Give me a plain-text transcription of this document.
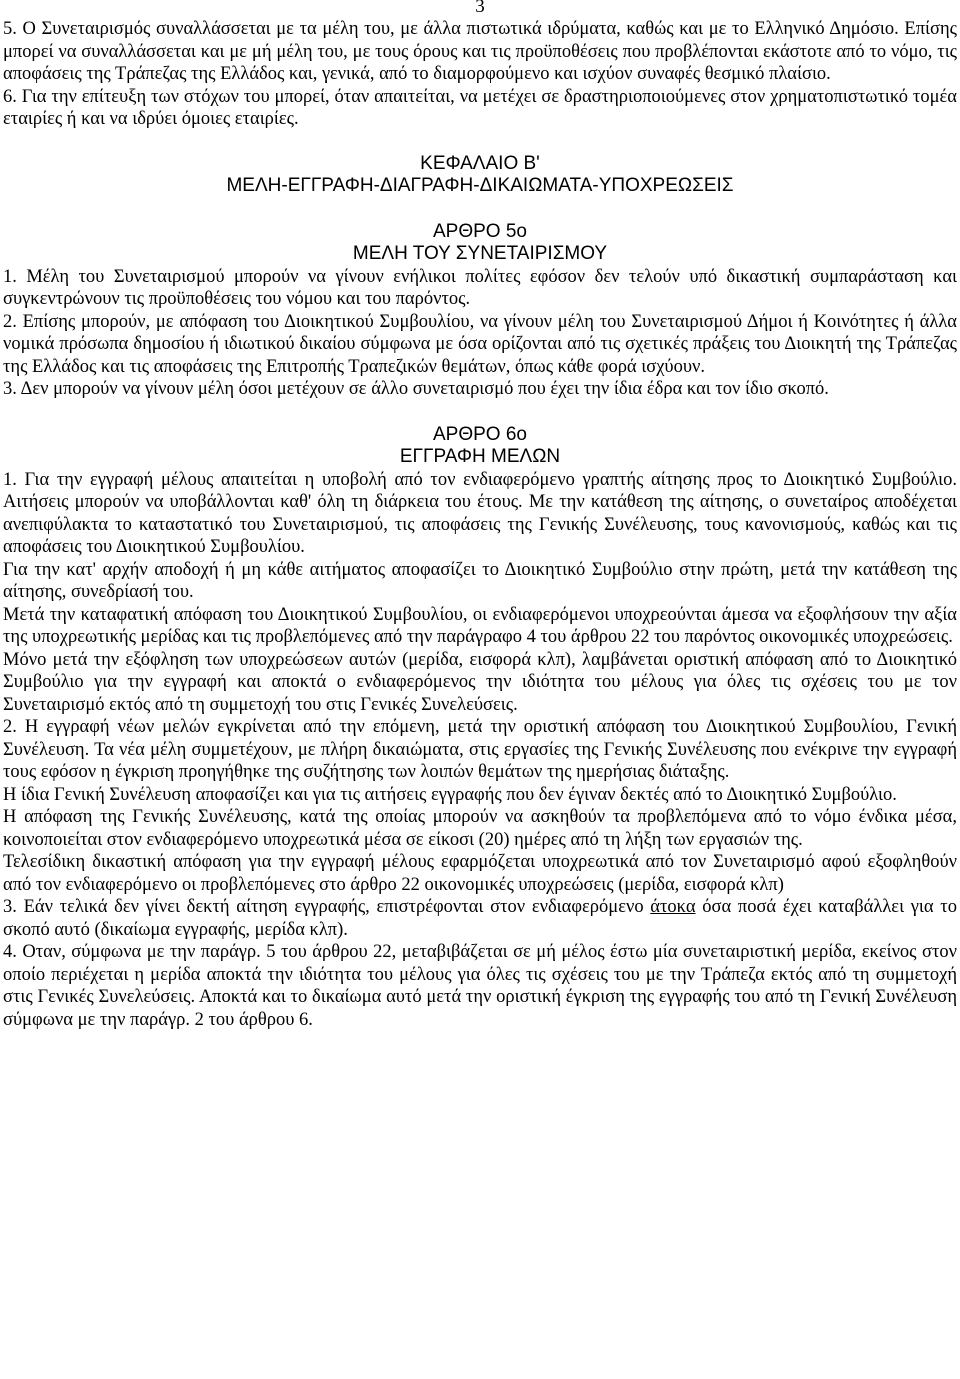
3

5. Ο Συνεταιρισμός συναλλάσσεται με τα μέλη του, με άλλα πιστωτικά ιδρύματα, καθώς και με το Ελληνικό Δημόσιο. Επίσης μπορεί να συναλλάσσεται και με μή μέλη του, με τους όρους και τις προϋποθέσεις που προβλέπονται εκάστοτε από το νόμο, τις αποφάσεις της Τράπεζας της Ελλάδος και, γενικά, από το διαμορφούμενο και ισχύον συναφές θεσμικό πλαίσιο.

6. Για την επίτευξη των στόχων του μπορεί, όταν απαιτείται, να μετέχει σε δραστηριοποιούμενες στον χρηματοπιστωτικό τομέα εταιρίες ή και να ιδρύει όμοιες εταιρίες.

ΚΕΦΑΛΑΙΟ Β'

ΜΕΛΗ-ΕΓΓΡΑΦΗ-ΔΙΑΓΡΑΦΗ-ΔΙΚΑΙΩΜΑΤΑ-ΥΠΟΧΡΕΩΣΕΙΣ

ΑΡΘΡΟ 5ο

ΜΕΛΗ ΤΟΥ ΣΥΝΕΤΑΙΡΙΣΜΟΥ

1. Μέλη του Συνεταιρισμού μπορούν να γίνουν ενήλικοι πολίτες εφόσον δεν τελούν υπό δικαστική συμπαράσταση και συγκεντρώνουν τις προϋποθέσεις του νόμου και του παρόντος.

2. Επίσης μπορούν, με απόφαση του Διοικητικού Συμβουλίου, να γίνουν μέλη του Συνεταιρισμού Δήμοι ή Κοινότητες ή άλλα νομικά πρόσωπα δημοσίου ή ιδιωτικού δικαίου σύμφωνα με όσα ορίζονται από τις σχετικές πράξεις του Διοικητή της Τράπεζας της Ελλάδος και τις αποφάσεις της Επιτροπής Τραπεζικών θεμάτων, όπως κάθε φορά ισχύουν.

3. Δεν μπορούν να γίνουν μέλη όσοι μετέχουν σε άλλο συνεταιρισμό που έχει την ίδια έδρα και τον ίδιο σκοπό.

ΑΡΘΡΟ 6ο

ΕΓΓΡΑΦΗ ΜΕΛΩΝ

1. Για την εγγραφή μέλους απαιτείται η υποβολή από τον ενδιαφερόμενο γραπτής αίτησης προς το Διοικητικό Συμβούλιο. Αιτήσεις μπορούν να υποβάλλονται καθ' όλη τη διάρκεια του έτους. Με την κατάθεση της αίτησης, ο συνεταίρος αποδέχεται ανεπιφύλακτα το καταστατικό του Συνεταιρισμού, τις αποφάσεις της Γενικής Συνέλευσης, τους κανονισμούς, καθώς και τις αποφάσεις του Διοικητικού Συμβουλίου.

Για την κατ' αρχήν αποδοχή ή μη κάθε αιτήματος αποφασίζει το Διοικητικό Συμβούλιο στην πρώτη, μετά την κατάθεση της αίτησης, συνεδρίασή του.

Μετά την καταφατική απόφαση του Διοικητικού Συμβουλίου, οι ενδιαφερόμενοι υποχρεούνται άμεσα να εξοφλήσουν την αξία της υποχρεωτικής μερίδας και τις προβλεπόμενες από την παράγραφο 4 του άρθρου 22 του παρόντος οικονομικές υποχρεώσεις.

Μόνο μετά την εξόφληση των υποχρεώσεων αυτών (μερίδα, εισφορά κλπ), λαμβάνεται οριστική απόφαση από το Διοικητικό Συμβούλιο για την εγγραφή και αποκτά ο ενδιαφερόμενος την ιδιότητα του μέλους για όλες τις σχέσεις του με τον Συνεταιρισμό εκτός από τη συμμετοχή του στις Γενικές Συνελεύσεις.

2. Η εγγραφή νέων μελών εγκρίνεται από την επόμενη, μετά την οριστική απόφαση του Διοικητικού Συμβουλίου, Γενική Συνέλευση. Τα νέα μέλη συμμετέχουν, με πλήρη δικαιώματα, στις εργασίες της Γενικής Συνέλευσης που ενέκρινε την εγγραφή τους εφόσον η έγκριση προηγήθηκε της συζήτησης των λοιπών θεμάτων της ημερήσιας διάταξης.

Η ίδια Γενική Συνέλευση αποφασίζει και για τις αιτήσεις εγγραφής που δεν έγιναν δεκτές από το Διοικητικό Συμβούλιο.

Η απόφαση της Γενικής Συνέλευσης, κατά της οποίας μπορούν να ασκηθούν τα προβλεπόμενα από το νόμο ένδικα μέσα, κοινοποιείται στον ενδιαφερόμενο υποχρεωτικά μέσα σε είκοσι (20) ημέρες από τη λήξη των εργασιών της.

Τελεσίδικη δικαστική απόφαση για την εγγραφή μέλους εφαρμόζεται υποχρεωτικά από τον Συνεταιρισμό αφού εξοφληθούν από τον ενδιαφερόμενο οι προβλεπόμενες στο άρθρο 22 οικονομικές υποχρεώσεις (μερίδα, εισφορά κλπ)

3. Εάν τελικά δεν γίνει δεκτή αίτηση εγγραφής, επιστρέφονται στον ενδιαφερόμενο άτοκα όσα ποσά έχει καταβάλλει για το σκοπό αυτό (δικαίωμα εγγραφής, μερίδα κλπ).

4. Οταν, σύμφωνα με την παράγρ. 5 του άρθρου 22, μεταβιβάζεται σε μή μέλος έστω μία συνεταιριστική μερίδα, εκείνος στον οποίο περιέχεται η μερίδα αποκτά την ιδιότητα του μέλους για όλες τις σχέσεις του με την Τράπεζα εκτός από τη συμμετοχή στις Γενικές Συνελεύσεις. Αποκτά και το δικαίωμα αυτό μετά την οριστική έγκριση της εγγραφής του από τη Γενική Συνέλευση σύμφωνα με την παράγρ. 2 του άρθρου 6.
